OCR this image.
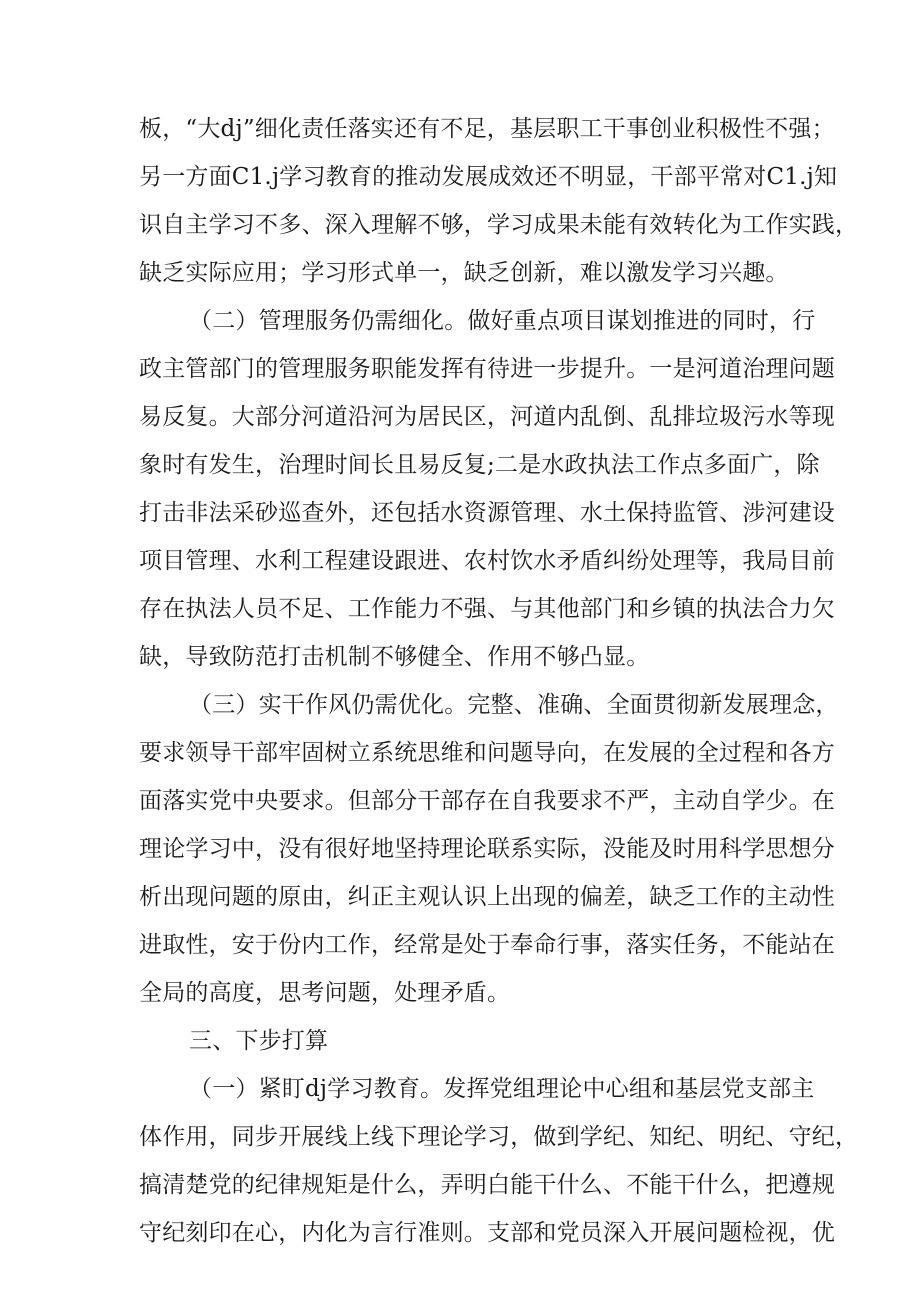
板，“大dj”细化责任落实还有不足，基层职工干事创业积极性不强；
另一方面C1.j学习教育的推动发展成效还不明显，干部平常对C1.j知
识自主学习不多、深入理解不够，学习成果未能有效转化为工作实践，
缺乏实际应用；学习形式单一，缺乏创新，难以激发学习兴趣。
（二）管理服务仍需细化。做好重点项目谋划推进的同时，行
政主管部门的管理服务职能发挥有待进一步提升。一是河道治理问题
易反复。大部分河道沿河为居民区，河道内乱倒、乱排垃圾污水等现
象时有发生，治理时间长且易反复;二是水政执法工作点多面广，除
打击非法采砂巡查外，还包括水资源管理、水土保持监管、涉河建设
项目管理、水利工程建设跟进、农村饮水矛盾纠纷处理等，我局目前
存在执法人员不足、工作能力不强、与其他部门和乡镇的执法合力欠
缺，导致防范打击机制不够健全、作用不够凸显。
（三）实干作风仍需优化。完整、准确、全面贯彻新发展理念，
要求领导干部牢固树立系统思维和问题导向，在发展的全过程和各方
面落实党中央要求。但部分干部存在自我要求不严，主动自学少。在
理论学习中，没有很好地坚持理论联系实际，没能及时用科学思想分
析出现问题的原由，纠正主观认识上出现的偏差，缺乏工作的主动性
进取性，安于份内工作，经常是处于奉命行事，落实任务，不能站在
全局的高度，思考问题，处理矛盾。
三、下步打算
（一）紧盯dj学习教育。发挥党组理论中心组和基层党支部主
体作用，同步开展线上线下理论学习，做到学纪、知纪、明纪、守纪，
搞清楚党的纪律规矩是什么，弄明白能干什么、不能干什么，把遵规
守纪刻印在心，内化为言行准则。支部和党员深入开展问题检视，优
